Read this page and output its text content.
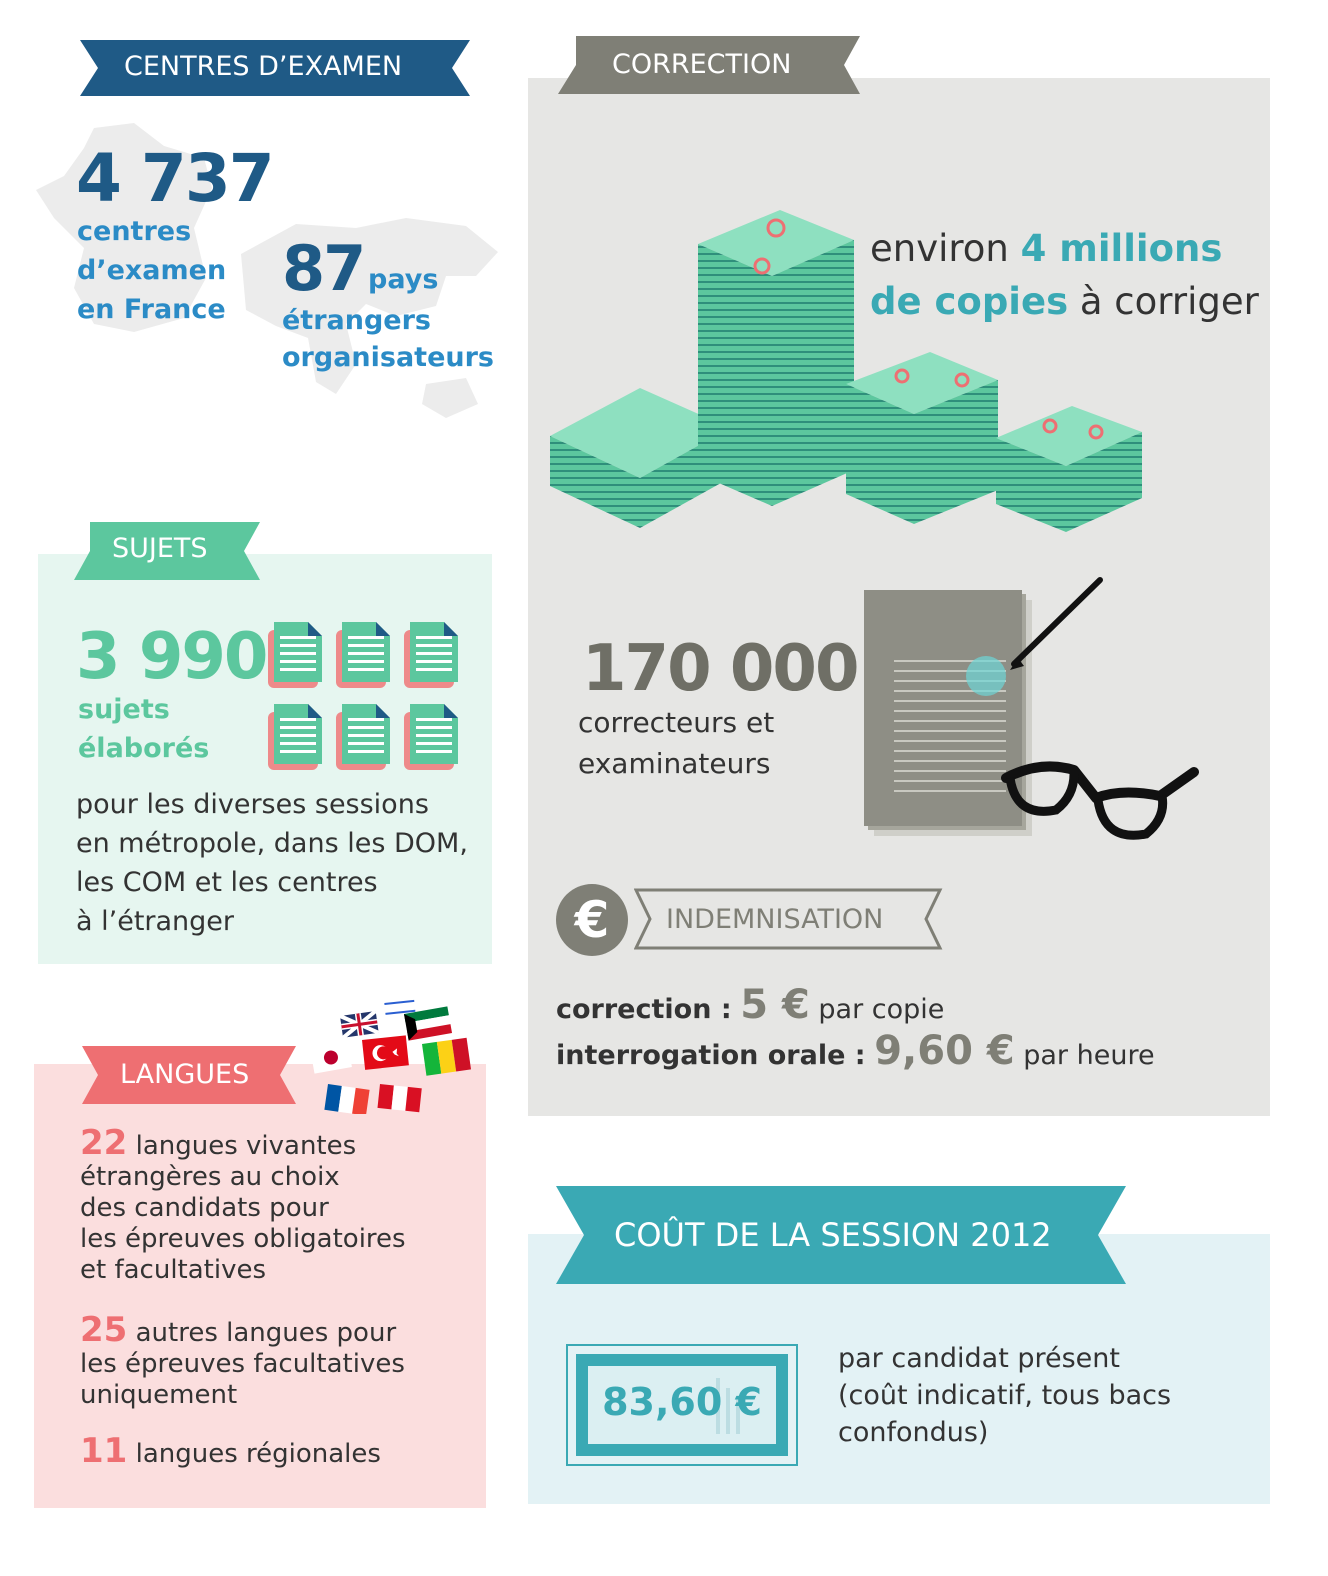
CENTRES D’EXAMEN
4 737
centres
d’examen
en France
87 pays
étrangers
organisateurs
SUJETS
3 990
sujets
élaborés
pour les diverses sessions
en métropole, dans les DOM,
les COM et les centres
à l’étranger
LANGUES
22 langues vivantes
étrangères au choix
des candidats pour
les épreuves obligatoires
et facultatives
25 autres langues pour
les épreuves facultatives
uniquement
11 langues régionales
CORRECTION
environ 4 millions
de copies à corriger
170 000
correcteurs et
examinateurs
€	INDEMNISATION
correction : 5 € par copie
interrogation orale : 9,60 € par heure
COÛT DE LA SESSION 2012
83,60 €
par candidat présent
(coût indicatif, tous bacs
confondus)
